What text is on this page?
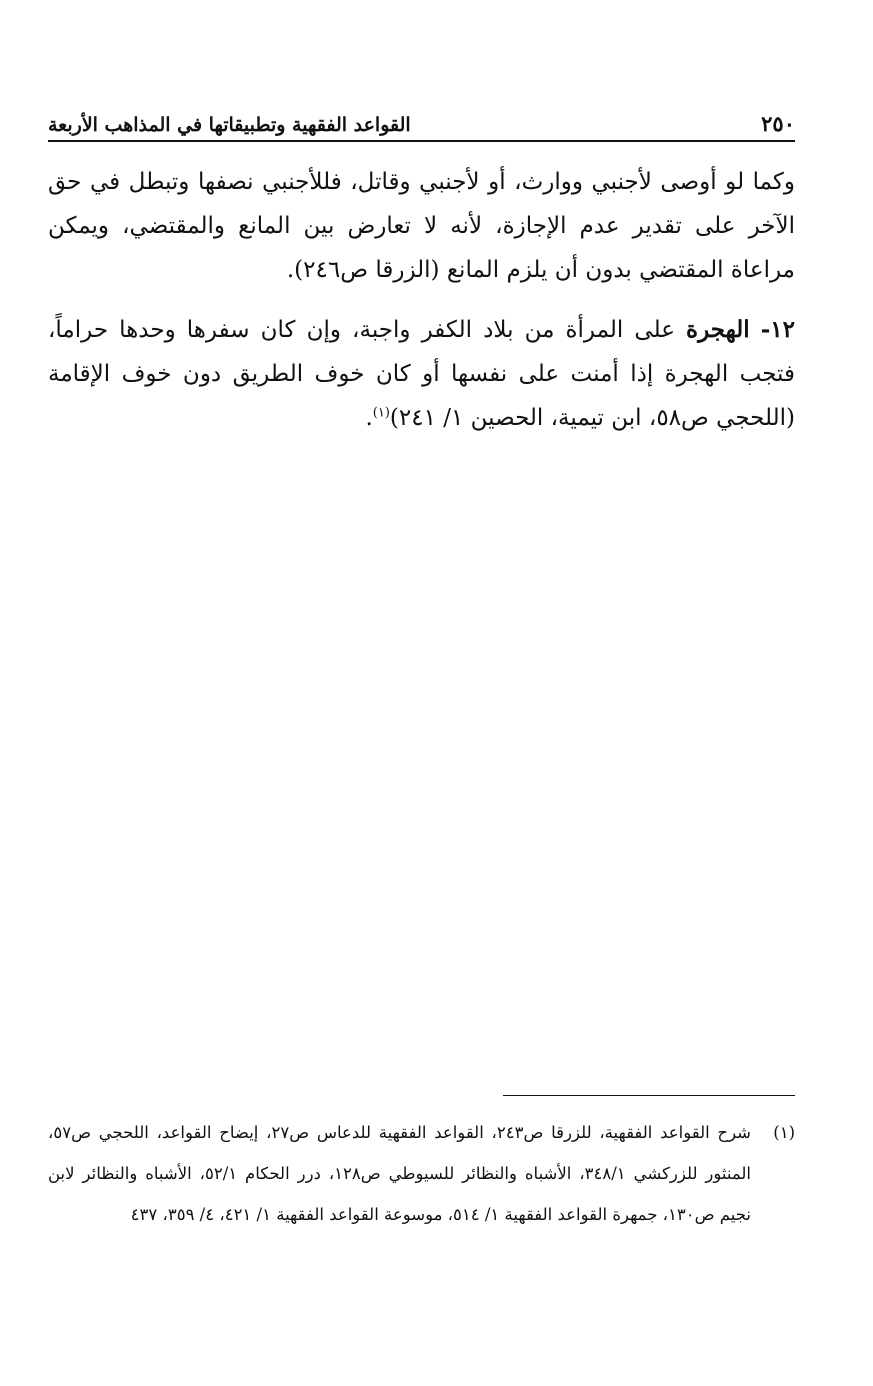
٢٥٠
القواعد الفقهية وتطبيقاتها في المذاهب الأربعة

وكما لو أوصى لأجنبي ووارث، أو لأجنبي وقاتل، فللأجنبي نصفها وتبطل في حق الآخر على تقدير عدم الإجازة، لأنه لا تعارض بين المانع والمقتضي، ويمكن مراعاة المقتضي بدون أن يلزم المانع (الزرقا ص٢٤٦).

١٢- الهجرة على المرأة من بلاد الكفر واجبة، وإن كان سفرها وحدها حراماً، فتجب الهجرة إذا أمنت على نفسها أو كان خوف الطريق دون خوف الإقامة (اللحجي ص٥٨، ابن تيمية، الحصين ١/ ٢٤١)$^{(١)}$.

(١)
شرح القواعد الفقهية، للزرقا ص٢٤٣، القواعد الفقهية للدعاس ص٢٧، إيضاح القواعد، اللحجي ص٥٧، المنثور للزركشي ٣٤٨/١، الأشباه والنظائر للسيوطي ص١٢٨، درر الحكام ٥٢/١، الأشباه والنظائر لابن نجيم ص١٣٠، جمهرة القواعد الفقهية ١/ ٥١٤، موسوعة القواعد الفقهية ١/ ٤٢١، ٤/ ٣٥٩، ٤٣٧
